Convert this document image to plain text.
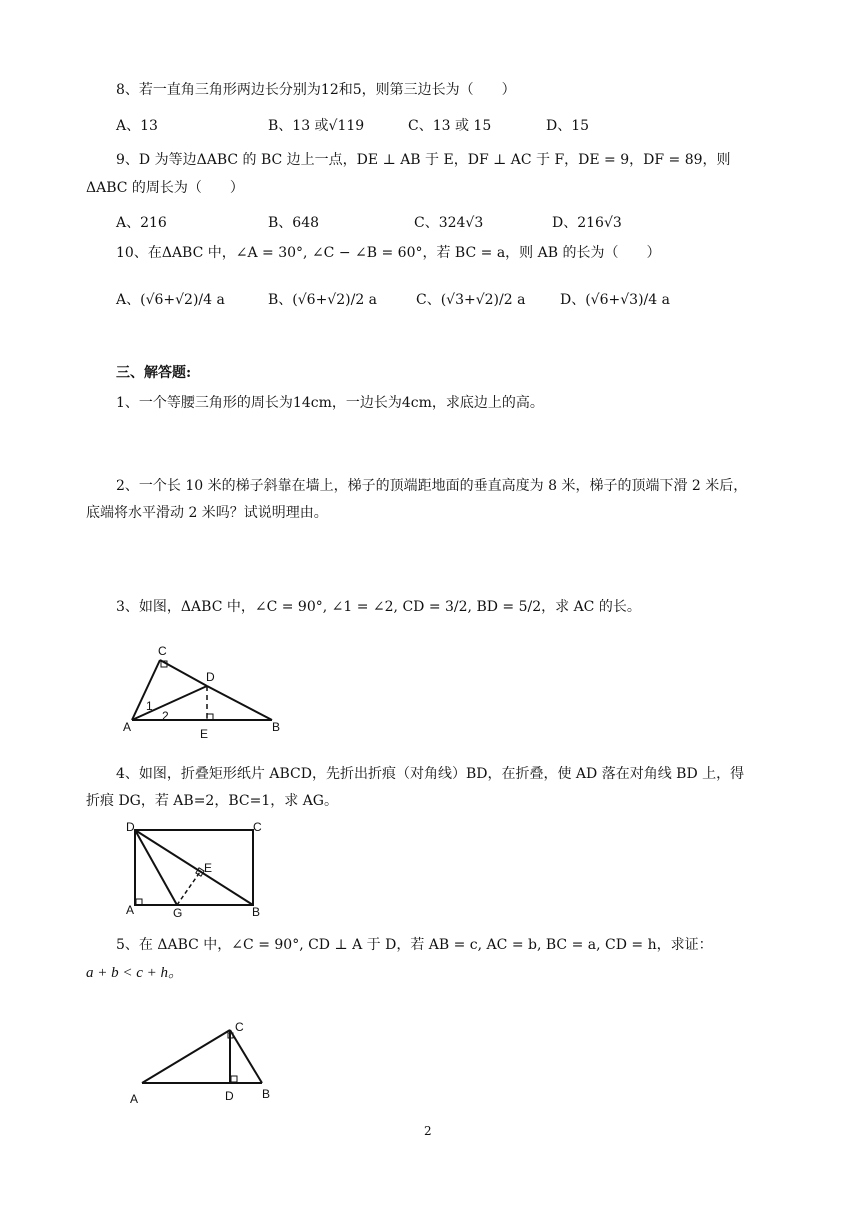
8、若一直角三角形两边长分别为12和5，则第三边长为（　　）
A、13	B、13 或√119	C、13 或 15	D、15
9、D 为等边ΔABC 的 BC 边上一点，DE ⊥ AB 于 E，DF ⊥ AC 于 F，DE = 9，DF = 89，则
ΔABC 的周长为（　　）
A、216	B、648	C、324√3	D、216√3
10、在ΔABC 中，∠A = 30°, ∠C − ∠B = 60°，若 BC = a，则 AB 的长为（　　）
A、(√6+√2)/4 a	B、(√6+√2)/2 a	C、(√3+√2)/2 a D、(√6+√3)/4 a
三、解答题:
1、一个等腰三角形的周长为14cm，一边长为4cm，求底边上的高。
2、一个长 10 米的梯子斜靠在墙上，梯子的顶端距地面的垂直高度为 8 米，梯子的顶端下滑 2 米后，
底端将水平滑动 2 米吗？试说明理由。
3、如图，ΔABC 中，∠C = 90°, ∠1 = ∠2, CD = 3/2, BD = 5/2，求 AC 的长。
C
D
A	B
E
1
2
4、如图，折叠矩形纸片 ABCD，先折出折痕（对角线）BD，在折叠，使 AD 落在对角线 BD 上，得
折痕 DG，若 AB=2，BC=1，求 AG。
D	C
E
A	G	B
5、在 ΔABC 中，∠C = 90°, CD ⊥ A 于 D，若 AB = c, AC = b, BC = a, CD = h，求证：
a + b < c + h。
C
A	D B
2
